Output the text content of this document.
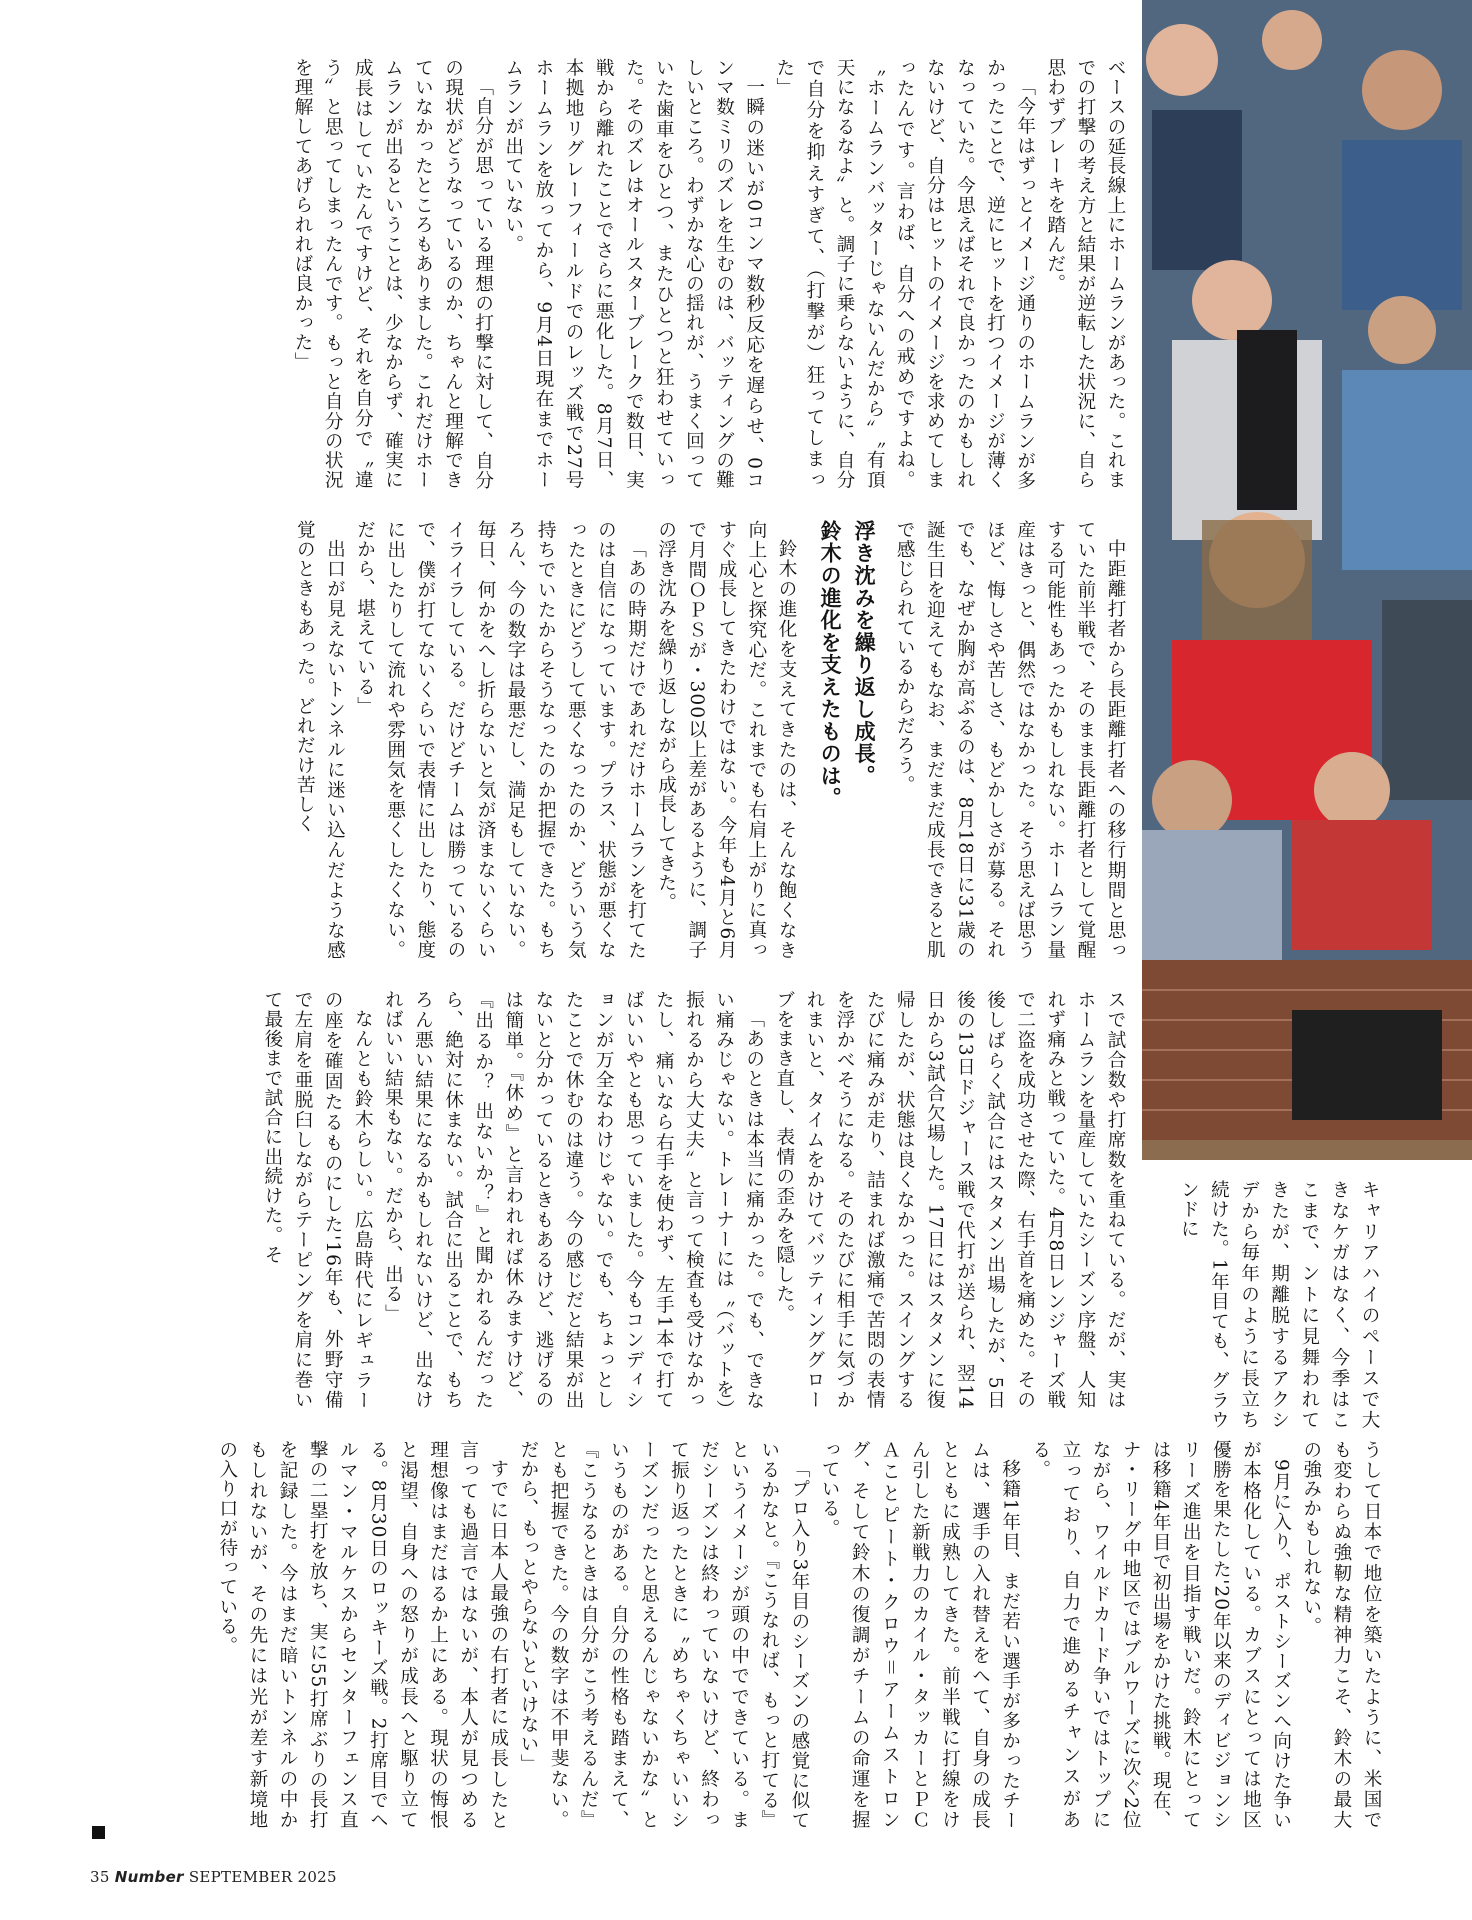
ベースの延長線上にホームランがあった。これまでの打撃の考え方と結果が逆転した状況に、自ら思わずブレーキを踏んだ。

「今年はずっとイメージ通りのホームランが多かったことで、逆にヒットを打つイメージが薄くなっていた。今思えばそれで良かったのかもしれないけど、自分はヒットのイメージを求めてしまったんです。言わば、自分への戒めですよね。〝ホームランバッターじゃないんだから〟〝有頂天になるなよ〟と。調子に乗らないように、自分で自分を抑えすぎて、（打撃が）狂ってしまった」

一瞬の迷いが0コンマ数秒反応を遅らせ、0コンマ数ミリのズレを生むのは、バッティングの難しいところ。わずかな心の揺れが、うまく回っていた歯車をひとつ、またひとつと狂わせていった。そのズレはオールスターブレークで数日、実戦から離れたことでさらに悪化した。8月7日、本拠地リグレーフィールドでのレッズ戦で27号ホームランを放ってから、9月4日現在までホームランが出ていない。

「自分が思っている理想の打撃に対して、自分の現状がどうなっているのか、ちゃんと理解できていなかったところもありました。これだけホームランが出るということは、少なからず、確実に成長はしていたんですけど、それを自分で〝違う〟と思ってしまったんです。もっと自分の状況を理解してあげられれば良かった」

中距離打者から長距離打者への移行期間と思っていた前半戦で、そのまま長距離打者として覚醒する可能性もあったかもしれない。ホームラン量産はきっと、偶然ではなかった。そう思えば思うほど、悔しさや苦しさ、もどかしさが募る。それでも、なぜか胸が高ぶるのは、8月18日に31歳の誕生日を迎えてもなお、まだまだ成長できると肌で感じられているからだろう。

浮き沈みを繰り返し成長。
鈴木の進化を支えたものは。

鈴木の進化を支えてきたのは、そんな飽くなき向上心と探究心だ。これまでも右肩上がりに真っすぐ成長してきたわけではない。今年も4月と6月で月間ＯＰＳが・300以上差があるように、調子の浮き沈みを繰り返しながら成長してきた。

「あの時期だけであれだけホームランを打てたのは自信になっています。プラス、状態が悪くなったときにどうして悪くなったのか、どういう気持ちでいたからそうなったのか把握できた。もちろん、今の数字は最悪だし、満足もしていない。毎日、何かをへし折らないと気が済まないくらいイライラしている。だけどチームは勝っているので、僕が打てないくらいで表情に出したり、態度に出したりして流れや雰囲気を悪くしたくない。だから、堪えている」

出口が見えないトンネルに迷い込んだような感覚のときもあった。どれだけ苦しく

スで試合数や打席数を重ねている。だが、実はホームランを量産していたシーズン序盤、人知れず痛みと戦っていた。4月8日レンジャーズ戦で二盗を成功させた際、右手首を痛めた。その後しばらく試合にはスタメン出場したが、5日後の13日ドジャース戦で代打が送られ、翌14日から3試合欠場した。17日にはスタメンに復帰したが、状態は良くなかった。スイングするたびに痛みが走り、詰まれば激痛で苦悶の表情を浮かべそうになる。そのたびに相手に気づかれまいと、タイムをかけてバッティンググローブをまき直し、表情の歪みを隠した。

「あのときは本当に痛かった。でも、できない痛みじゃない。トレーナーには〝（バットを）振れるから大丈夫〟と言って検査も受けなかったし、痛いなら右手を使わず、左手1本で打てばいいやとも思っていました。今もコンディションが万全なわけじゃない。でも、ちょっとしたことで休むのは違う。今の感じだと結果が出ないと分かっているときもあるけど、逃げるのは簡単。『休め』と言われれば休みますけど、『出るか？ 出ないか？』と聞かれるんだったら、絶対に休まない。試合に出ることで、もちろん悪い結果になるかもしれないけど、出なければいい結果もない。だから、出る」

なんとも鈴木らしい。広島時代にレギュラーの座を確固たるものにした'16年も、外野守備で左肩を亜脱臼しながらテーピングを肩に巻いて最後まで試合に出続けた。そ

キャリアハイのペースで大きなケガはなく、今季はここまで、ントに見舞われてきたが、期離脱するアクシデから毎年のように長立ち続けた。1年目ても、グラウンドに

うして日本で地位を築いたように、米国でも変わらぬ強靭な精神力こそ、鈴木の最大の強みかもしれない。

9月に入り、ポストシーズンへ向けた争いが本格化している。カブスにとっては地区優勝を果たした'20年以来のディビジョンシリーズ進出を目指す戦いだ。鈴木にとっては移籍4年目で初出場をかけた挑戦。現在、ナ・リーグ中地区ではブルワーズに次ぐ2位ながら、ワイルドカード争いではトップに立っており、自力で進めるチャンスがある。

移籍1年目、まだ若い選手が多かったチームは、選手の入れ替えをへて、自身の成長とともに成熟してきた。前半戦に打線をけん引した新戦力のカイル・タッカーとＰＣＡことピート・クロウ＝アームストロング、そして鈴木の復調がチームの命運を握っている。

「プロ入り3年目のシーズンの感覚に似ているかなと。『こうなれば、もっと打てる』というイメージが頭の中でできている。まだシーズンは終わっていないけど、終わって振り返ったときに〝めちゃくちゃいいシーズンだったと思えるんじゃないかな〟というものがある。自分の性格も踏まえて、『こうなるときは自分がこう考えるんだ』とも把握できた。今の数字は不甲斐ない。だから、もっとやらないといけない」

すでに日本人最強の右打者に成長したと言っても過言ではないが、本人が見つめる理想像はまだはるか上にある。現状の悔恨と渇望、自身への怒りが成長へと駆り立てる。8月30日のロッキーズ戦。2打席目でヘルマン・マルケスからセンターフェンス直撃の二塁打を放ち、実に55打席ぶりの長打を記録した。今はまだ暗いトンネルの中かもしれないが、その先には光が差す新境地の入り口が待っている。

35 Number SEPTEMBER 2025
